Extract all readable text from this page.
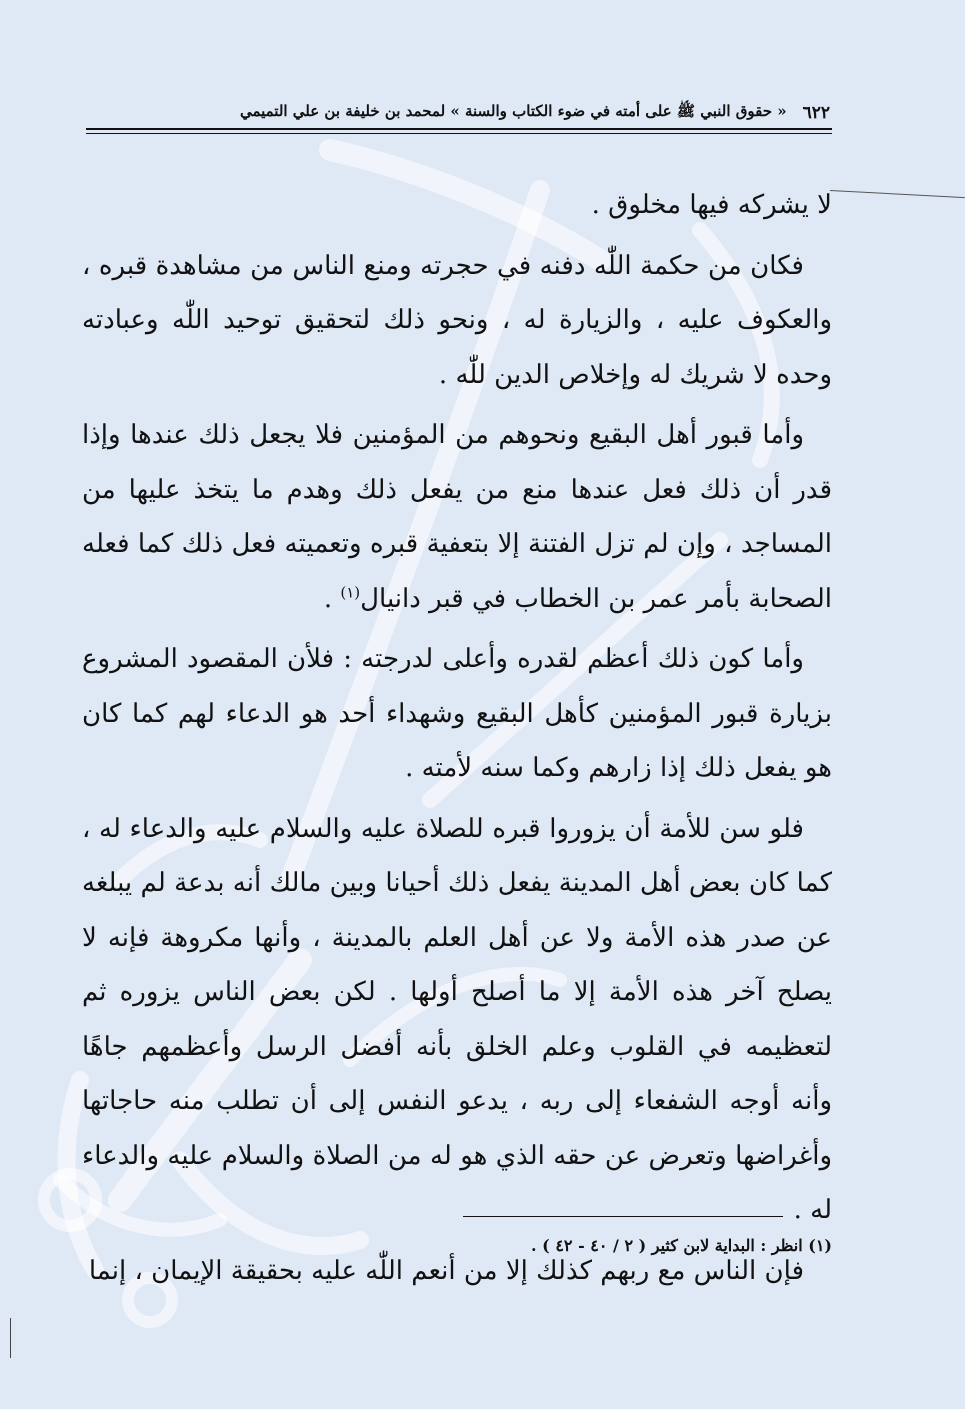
٦٢٢
« حقوق النبي ﷺ على أمته في ضوء الكتاب والسنة » لمحمد بن خليفة بن علي التميمي

لا يشركه فيها مخلوق .

فكان من حكمة اللّٰه دفنه في حجرته ومنع الناس من مشاهدة قبره ، والعكوف عليه ، والزيارة له ، ونحو ذلك لتحقيق توحيد اللّٰه وعبادته وحده لا شريك له وإخلاص الدين للّٰه .

وأما قبور أهل البقيع ونحوهم من المؤمنين فلا يجعل ذلك عندها وإذا قدر أن ذلك فعل عندها منع من يفعل ذلك وهدم ما يتخذ عليها من المساجد ، وإن لم تزل الفتنة إلا بتعفية قبره وتعميته فعل ذلك كما فعله الصحابة بأمر عمر بن الخطاب في قبر دانيال$^{(١)}$ .

وأما كون ذلك أعظم لقدره وأعلى لدرجته : فلأن المقصود المشروع بزيارة قبور المؤمنين كأهل البقيع وشهداء أحد هو الدعاء لهم كما كان هو يفعل ذلك إذا زارهم وكما سنه لأمته .

فلو سن للأمة أن يزوروا قبره للصلاة عليه والسلام عليه والدعاء له ، كما كان بعض أهل المدينة يفعل ذلك أحيانا وبين مالك أنه بدعة لم يبلغه عن صدر هذه الأمة ولا عن أهل العلم بالمدينة ، وأنها مكروهة فإنه لا يصلح آخر هذه الأمة إلا ما أصلح أولها . لكن بعض الناس يزوره ثم لتعظيمه في القلوب وعلم الخلق بأنه أفضل الرسل وأعظمهم جاهًا وأنه أوجه الشفعاء إلى ربه ، يدعو النفس إلى أن تطلب منه حاجاتها وأغراضها وتعرض عن حقه الذي هو له من الصلاة والسلام عليه والدعاء له .

فإن الناس مع ربهم كذلك إلا من أنعم اللّٰه عليه بحقيقة الإيمان ، إنما

(١) انظر : البداية لابن كثير ( ٢ / ٤٠ - ٤٢ ) .
